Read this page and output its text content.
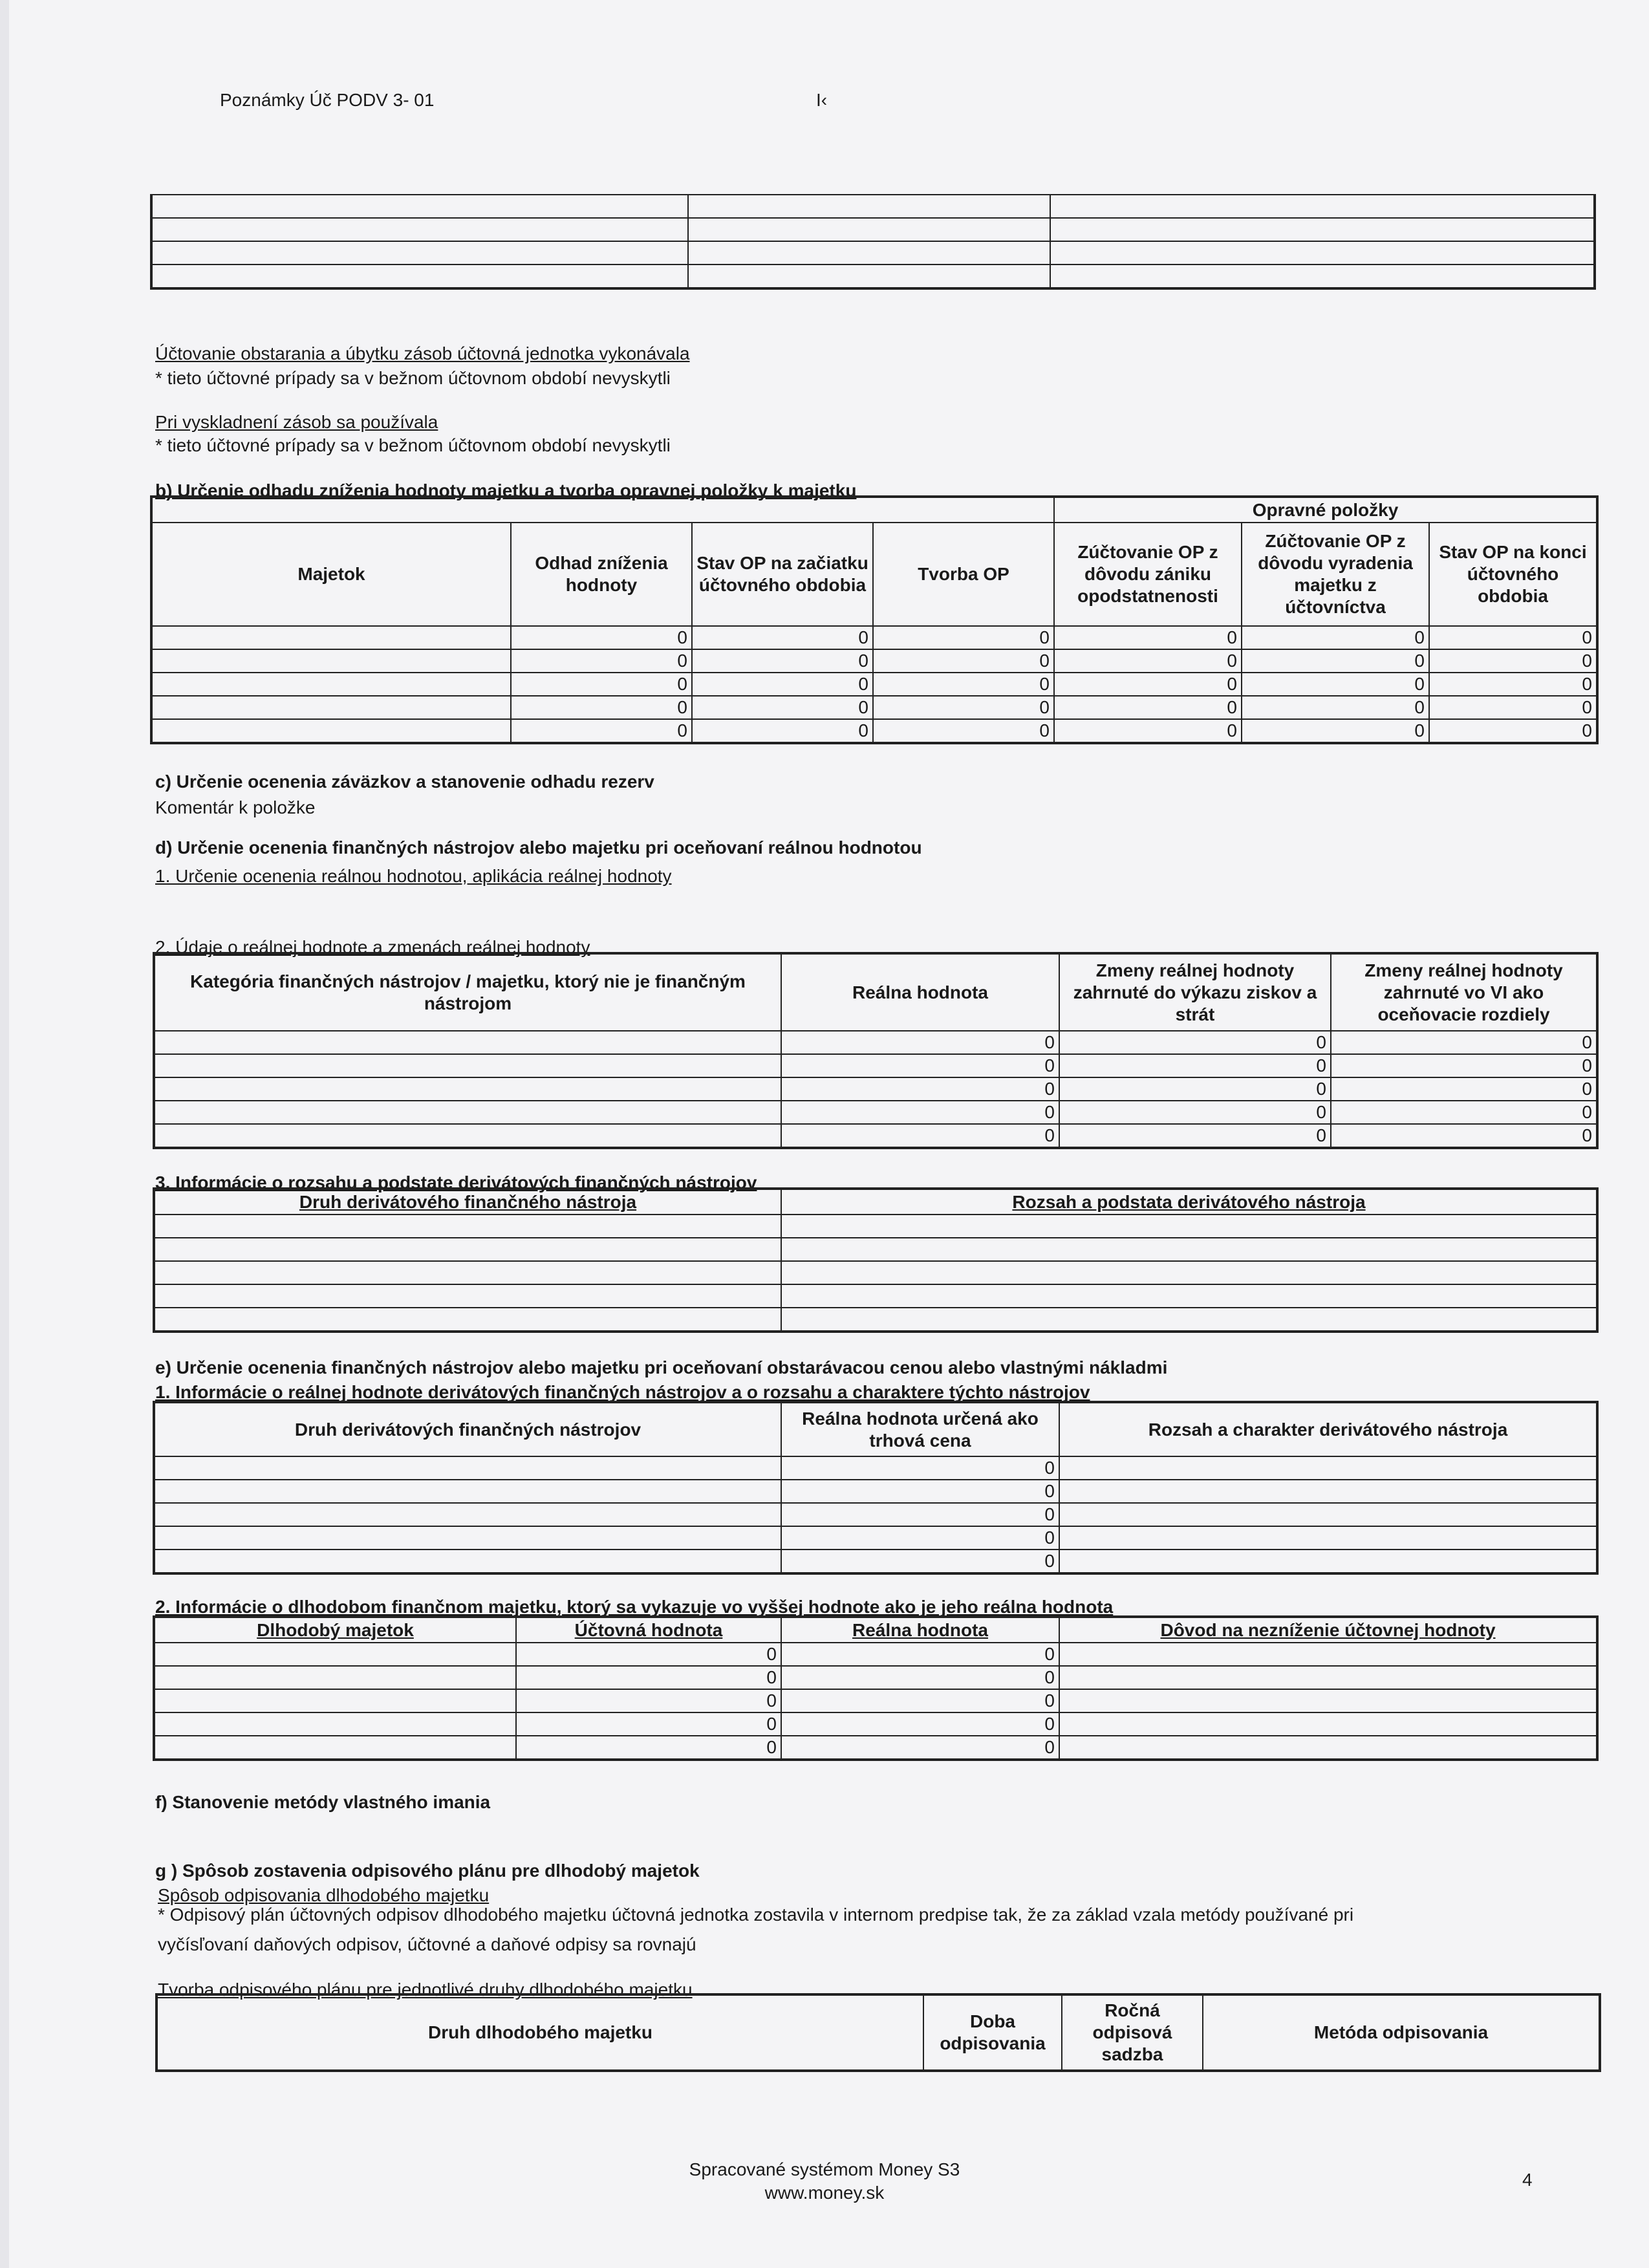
Poznámky Úč PODV 3- 01	I‹

Účtovanie obstarania a úbytku zásob účtovná jednotka vykonávala
* tieto účtovné prípady sa v bežnom účtovnom období nevyskytli
Pri vyskladnení zásob sa používala
* tieto účtovné prípady sa v bežnom účtovnom období nevyskytli
b) Určenie odhadu zníženia hodnoty majetku a tvorba opravnej položky k majetku
				Opravné položky		
Majetok	Odhad zníženia hodnoty	Stav OP na začiatku účtovného obdobia	Tvorba OP	Zúčtovanie OP z dôvodu zániku opodstatnenosti	Zúčtovanie OP z dôvodu vyradenia majetku z účtovníctva	Stav OP na konci účtovného obdobia
	0	0	0	0	0	0
	0	0	0	0	0	0
	0	0	0	0	0	0
	0	0	0	0	0	0
	0	0	0	0	0	0
c) Určenie ocenenia záväzkov a stanovenie odhadu rezerv
Komentár k položke
d) Určenie ocenenia finančných nástrojov alebo majetku pri oceňovaní reálnou hodnotou
1. Určenie ocenenia reálnou hodnotou, aplikácia reálnej hodnoty
2. Údaje o reálnej hodnote a zmenách reálnej hodnoty
Kategória finančných nástrojov / majetku, ktorý nie je finančným nástrojom	Reálna hodnota	Zmeny reálnej hodnoty zahrnuté do výkazu ziskov a strát	Zmeny reálnej hodnoty zahrnuté vo VI ako oceňovacie rozdiely
	0	0	0
	0	0	0
	0	0	0
	0	0	0
	0	0	0
3. Informácie o rozsahu a podstate derivátových finančných nástrojov
Druh derivátového finančného nástroja	Rozsah a podstata derivátového nástroja

e) Určenie ocenenia finančných nástrojov alebo majetku pri oceňovaní obstarávacou cenou alebo vlastnými nákladmi
1. Informácie o reálnej hodnote derivátových finančných nástrojov a o rozsahu a charaktere týchto nástrojov
Druh derivátových finančných nástrojov	Reálna hodnota určená ako trhová cena	Rozsah a charakter derivátového nástroja
	0	
	0	
	0	
	0	
	0	
2. Informácie o dlhodobom finančnom majetku, ktorý sa vykazuje vo vyššej hodnote ako je jeho reálna hodnota
Dlhodobý majetok	Účtovná hodnota	Reálna hodnota	Dôvod na nezníženie účtovnej hodnoty
	0	0	
	0	0	
	0	0	
	0	0	
	0	0	
f) Stanovenie metódy vlastného imania
g ) Spôsob zostavenia odpisového plánu pre dlhodobý majetok
Spôsob odpisovania dlhodobého majetku
* Odpisový plán účtovných odpisov dlhodobého majetku účtovná jednotka zostavila v internom predpise tak, že za základ vzala metódy používané pri
vyčísľovaní daňových odpisov, účtovné a daňové odpisy sa rovnajú
Tvorba odpisového plánu pre jednotlivé druhy dlhodobého majetku
Druh dlhodobého majetku	Doba odpisovania	Ročná odpisová sadzba	Metóda odpisovania
Spracované systémom Money S3
www.money.sk
4
